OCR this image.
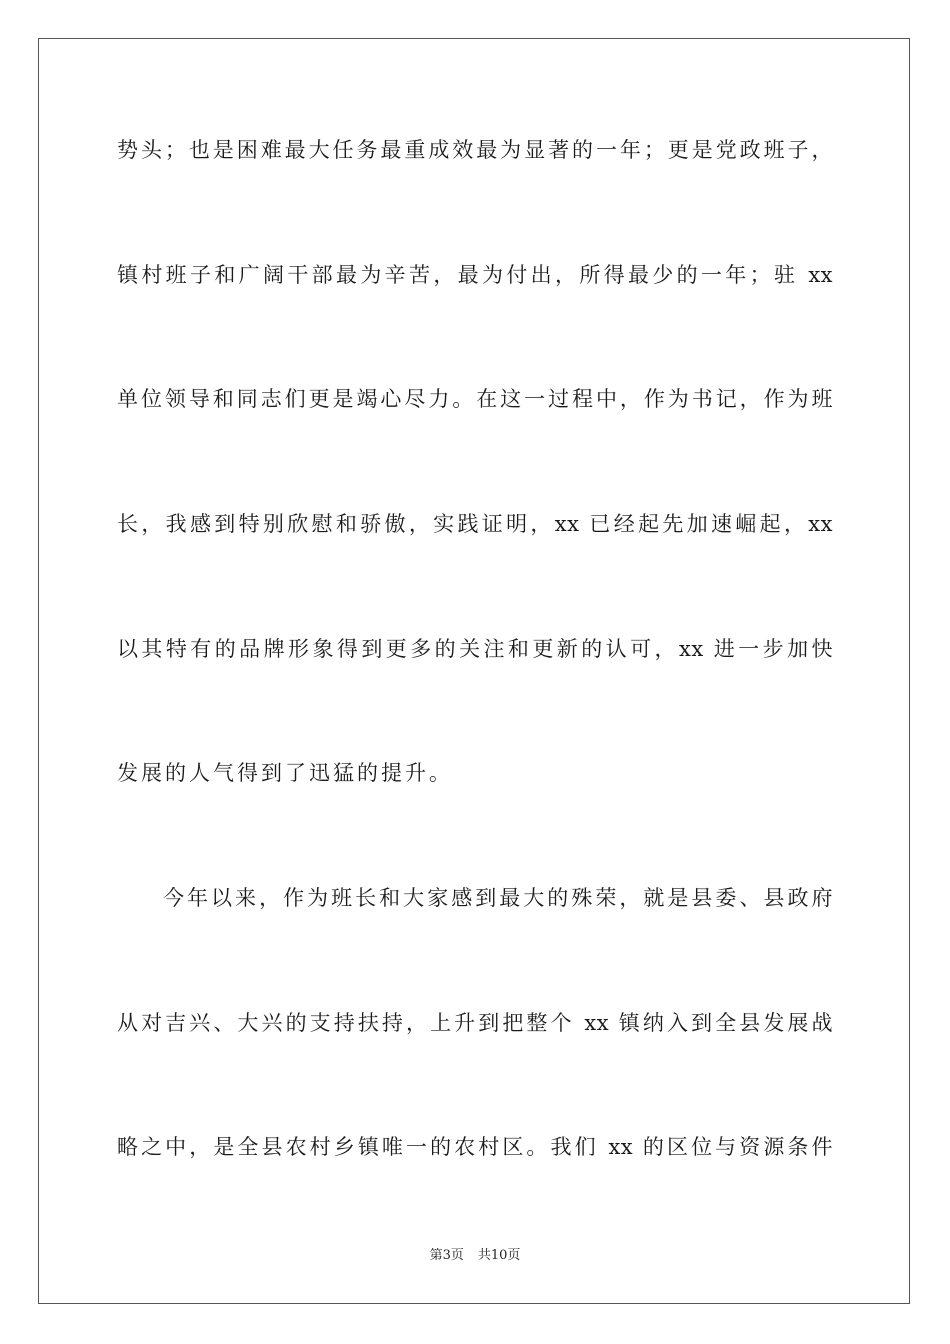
势头；也是困难最大任务最重成效最为显著的一年；更是党政班子，
镇村班子和广阔干部最为辛苦，最为付出，所得最少的一年；驻 xx
单位领导和同志们更是竭心尽力。在这一过程中，作为书记，作为班
长，我感到特别欣慰和骄傲，实践证明，xx 已经起先加速崛起，xx
以其特有的品牌形象得到更多的关注和更新的认可，xx 进一步加快
发展的人气得到了迅猛的提升。
今年以来，作为班长和大家感到最大的殊荣，就是县委、县政府
从对吉兴、大兴的支持扶持，上升到把整个 xx 镇纳入到全县发展战
略之中，是全县农村乡镇唯一的农村区。我们 xx 的区位与资源条件
第3页 共10页
